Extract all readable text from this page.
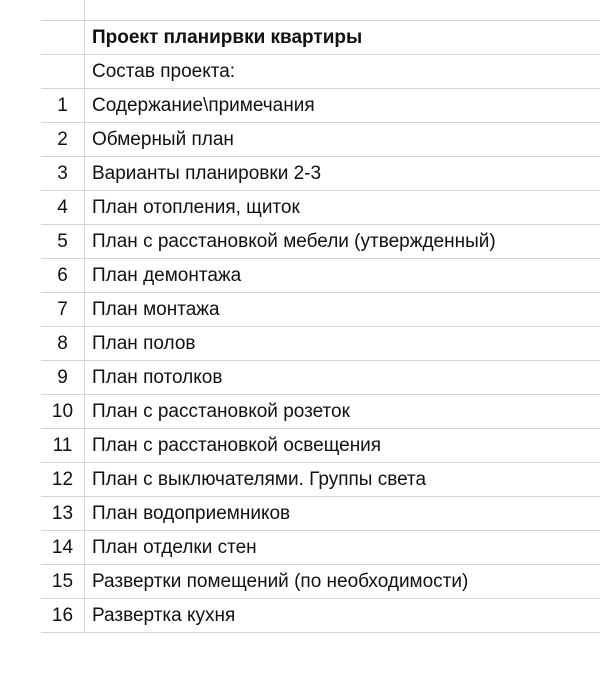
Проект планирвки квартиры
Состав проекта:
1	Содержание\примечания
2	Обмерный план
3	Варианты планировки 2-3
4	План отопления, щиток
5	План с расстановкой мебели (утвержденный)
6	План демонтажа
7	План монтажа
8	План полов
9	План потолков
10 План с расстановкой розеток
11	План с расстановкой освещения
12 План с выключателями. Группы света
13 План водоприемников
14 План отделки стен
15 Развертки помещений (по необходимости)
16 Развертка кухня
